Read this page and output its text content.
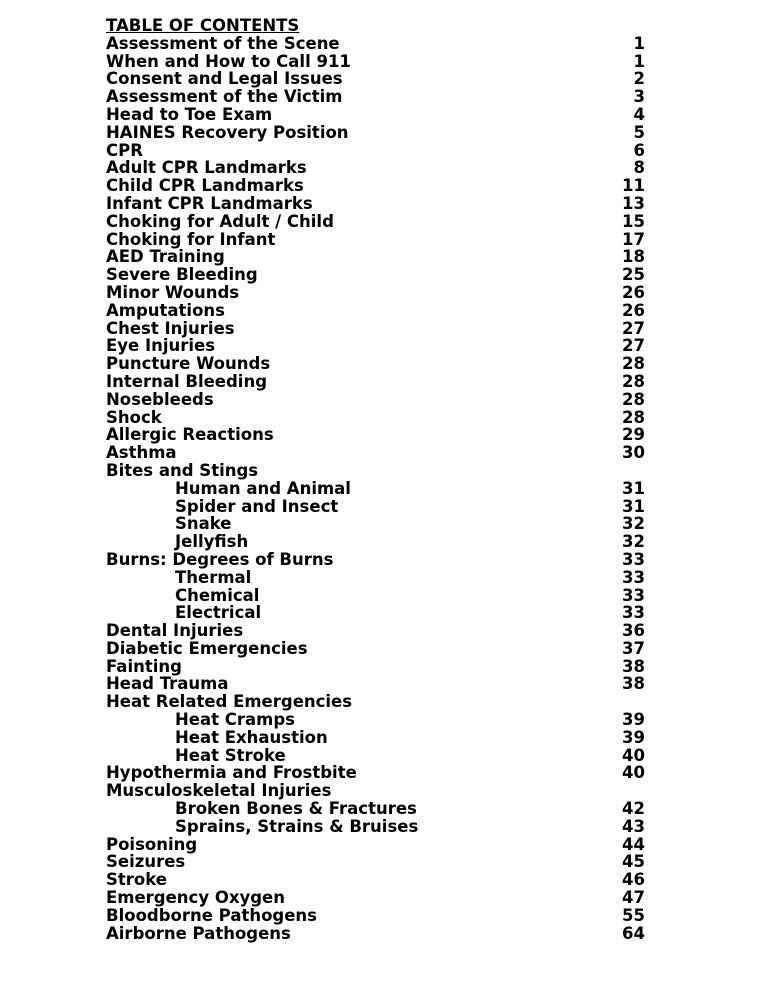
TABLE OF CONTENTS
Assessment of the Scene	1
When and How to Call 911	1
Consent and Legal Issues	2
Assessment of the Victim	3
Head to Toe Exam	4
HAINES Recovery Position	5
CPR	6
Adult CPR Landmarks	8
Child CPR Landmarks	11
Infant CPR Landmarks	13
Choking for Adult / Child	15
Choking for Infant	17
AED Training	18
Severe Bleeding	25
Minor Wounds	26
Amputations	26
Chest Injuries	27
Eye Injuries	27
Puncture Wounds	28
Internal Bleeding	28
Nosebleeds	28
Shock	28
Allergic Reactions	29
Asthma	30
Bites and Stings
Human and Animal	31
Spider and Insect	31
Snake	32
Jellyfish	32
Burns: Degrees of Burns	33
Thermal	33
Chemical	33
Electrical	33
Dental Injuries	36
Diabetic Emergencies	37
Fainting	38
Head Trauma	38
Heat Related Emergencies
Heat Cramps	39
Heat Exhaustion	39
Heat Stroke	40
Hypothermia and Frostbite	40
Musculoskeletal Injuries
Broken Bones & Fractures	42
Sprains, Strains & Bruises	43
Poisoning	44
Seizures	45
Stroke	46
Emergency Oxygen	47
Bloodborne Pathogens	55
Airborne Pathogens	64
